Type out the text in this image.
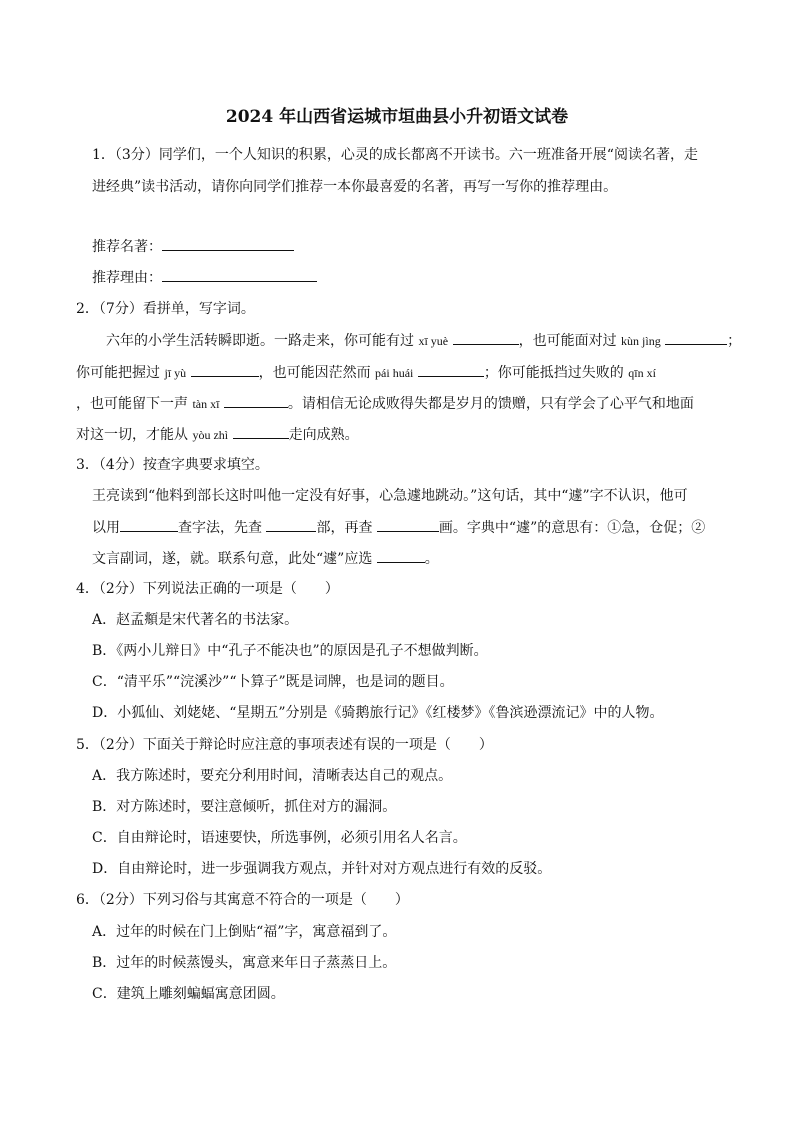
2024 年山西省运城市垣曲县小升初语文试卷
1．（3分）同学们，一个人知识的积累，心灵的成长都离不开读书。六一班准备开展“阅读名著，走
进经典”读书活动，请你向同学们推荐一本你最喜爱的名著，再写一写你的推荐理由。
推荐名著：
推荐理由：
2．（7分）看拼单，写字词。
六年的小学生活转瞬即逝。一路走来，你可能有过 xī yuè	，也可能面对过 kùn jìng	；
你可能把握过 jī yù	，也可能因茫然而 pái huái	；你可能抵挡过失败的 qīn xí
，也可能留下一声 tàn xī	。请相信无论成败得失都是岁月的馈赠，只有学会了心平气和地面
对这一切，才能从 yòu zhì	走向成熟。
3．（4分）按查字典要求填空。
王亮读到“他料到部长这时叫他一定没有好事，心急遽地跳动。”这句话，其中“遽”字不认识，他可
以用	查字法，先查	部，再查	画。字典中“遽”的意思有：①急，仓促；②
文言副词，遂，就。联系句意，此处“遽”应选	。
4．（2分）下列说法正确的一项是（　　）
A．赵孟頫是宋代著名的书法家。
B．《两小儿辩日》中“孔子不能决也”的原因是孔子不想做判断。
C．“清平乐”“浣溪沙”“卜算子”既是词牌，也是词的题目。
D．小狐仙、刘姥姥、“星期五”分别是《骑鹅旅行记》《红楼梦》《鲁滨逊漂流记》中的人物。
5．（2分）下面关于辩论时应注意的事项表述有误的一项是（　　）
A．我方陈述时，要充分利用时间，清晰表达自己的观点。
B．对方陈述时，要注意倾听，抓住对方的漏洞。
C．自由辩论时，语速要快，所选事例，必须引用名人名言。
D．自由辩论时，进一步强调我方观点，并针对对方观点进行有效的反驳。
6．（2分）下列习俗与其寓意不符合的一项是（　　）
A．过年的时候在门上倒贴“福”字，寓意福到了。
B．过年的时候蒸馒头，寓意来年日子蒸蒸日上。
C．建筑上雕刻蝙蝠寓意团圆。
